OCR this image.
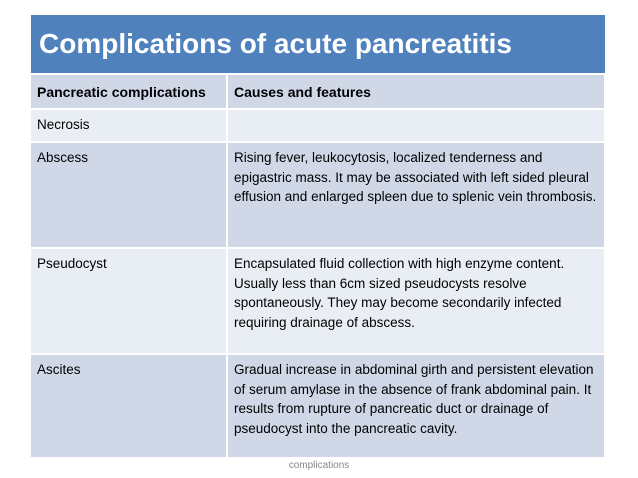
Complications of acute pancreatitis	
Pancreatic complications	Causes and features
Necrosis	
Abscess	Rising fever, leukocytosis, localized tenderness and epigastric mass. It may be associated with left sided pleural effusion and enlarged spleen due to splenic vein thrombosis.
Pseudocyst	Encapsulated fluid collection with high enzyme content. Usually less than 6cm sized pseudocysts resolve spontaneously. They may become secondarily infected requiring drainage of abscess.
Ascites	Gradual increase in abdominal girth and persistent elevation of serum amylase in the absence of frank abdominal pain. It results from rupture of pancreatic duct or drainage of pseudocyst into the pancreatic cavity.
complications
